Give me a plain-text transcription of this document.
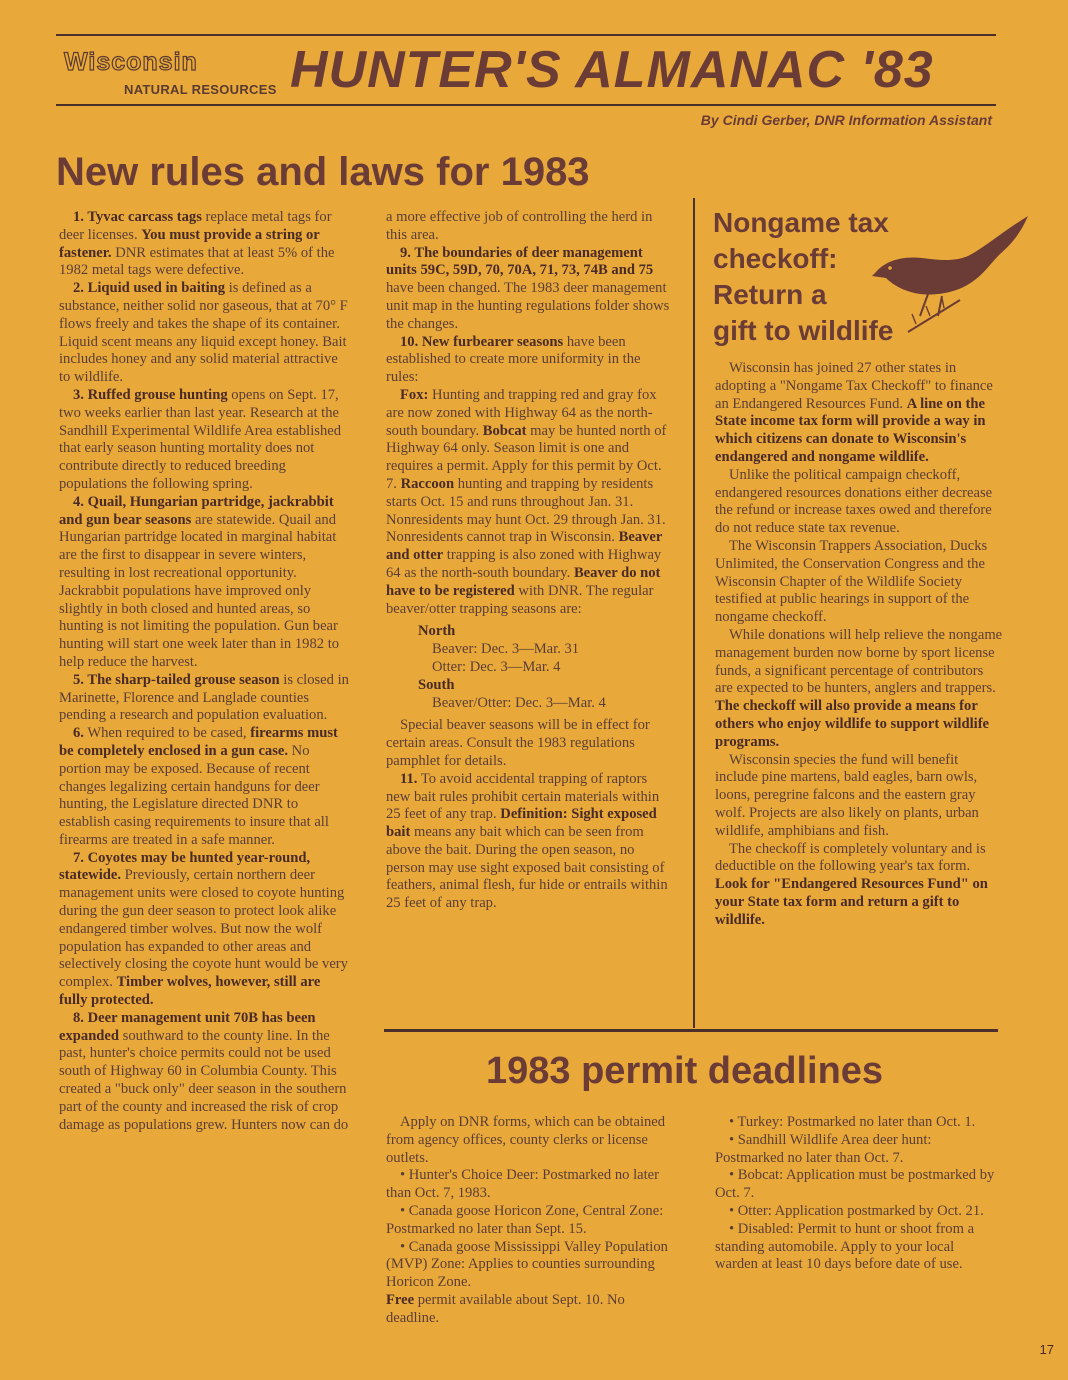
Wisconsin
NATURAL RESOURCES HUNTER'S ALMANAC '83
By Cindi Gerber, DNR Information Assistant
New rules and laws for 1983

1. Tyvac carcass tags replace metal tags for deer licenses. You must provide a string or fastener. DNR estimates that at least 5% of the 1982 metal tags were defective.

2. Liquid used in baiting is defined as a substance, neither solid nor gaseous, that at 70° F flows freely and takes the shape of its container. Liquid scent means any liquid except honey. Bait includes honey and any solid material attractive to wildlife.

3. Ruffed grouse hunting opens on Sept. 17, two weeks earlier than last year. Research at the Sandhill Experimental Wildlife Area established that early season hunting mortality does not contribute directly to reduced breeding populations the following spring.

4. Quail, Hungarian partridge, jackrabbit and gun bear seasons are statewide. Quail and Hungarian partridge located in marginal habitat are the first to disappear in severe winters, resulting in lost recreational opportunity. Jackrabbit populations have improved only slightly in both closed and hunted areas, so hunting is not limiting the population. Gun bear hunting will start one week later than in 1982 to help reduce the harvest.

5. The sharp-tailed grouse season is closed in Marinette, Florence and Langlade counties pending a research and population evaluation.

6. When required to be cased, firearms must be completely enclosed in a gun case. No portion may be exposed. Because of recent changes legalizing certain handguns for deer hunting, the Legislature directed DNR to establish casing requirements to insure that all firearms are treated in a safe manner.

7. Coyotes may be hunted year-round, statewide. Previously, certain northern deer management units were closed to coyote hunting during the gun deer season to protect look alike endangered timber wolves. But now the wolf population has expanded to other areas and selectively closing the coyote hunt would be very complex. Timber wolves, however, still are fully protected.

8. Deer management unit 70B has been expanded southward to the county line. In the past, hunter's choice permits could not be used south of Highway 60 in Columbia County. This created a "buck only" deer season in the southern part of the county and increased the risk of crop damage as populations grew. Hunters now can do

a more effective job of controlling the herd in this area.

9. The boundaries of deer management units 59C, 59D, 70, 70A, 71, 73, 74B and 75 have been changed. The 1983 deer management unit map in the hunting regulations folder shows the changes.

10. New furbearer seasons have been established to create more uniformity in the rules:

Fox: Hunting and trapping red and gray fox are now zoned with Highway 64 as the north-south boundary. Bobcat may be hunted north of Highway 64 only. Season limit is one and requires a permit. Apply for this permit by Oct. 7. Raccoon hunting and trapping by residents starts Oct. 15 and runs throughout Jan. 31. Nonresidents may hunt Oct. 29 through Jan. 31. Nonresidents cannot trap in Wisconsin. Beaver and otter trapping is also zoned with Highway 64 as the north-south boundary. Beaver do not have to be registered with DNR. The regular beaver/otter trapping seasons are:

North

Beaver: Dec. 3—Mar. 31

Otter: Dec. 3—Mar. 4

South

Beaver/Otter: Dec. 3—Mar. 4

Special beaver seasons will be in effect for certain areas. Consult the 1983 regulations pamphlet for details.

11. To avoid accidental trapping of raptors new bait rules prohibit certain materials within 25 feet of any trap. Definition: Sight exposed bait means any bait which can be seen from above the bait. During the open season, no person may use sight exposed bait consisting of feathers, animal flesh, fur hide or entrails within 25 feet of any trap.

Nongame tax
checkoff:
Return a
gift to wildlife

Wisconsin has joined 27 other states in adopting a "Nongame Tax Checkoff" to finance an Endangered Resources Fund. A line on the State income tax form will provide a way in which citizens can donate to Wisconsin's endangered and nongame wildlife.

Unlike the political campaign checkoff, endangered resources donations either decrease the refund or increase taxes owed and therefore do not reduce state tax revenue.

The Wisconsin Trappers Association, Ducks Unlimited, the Conservation Congress and the Wisconsin Chapter of the Wildlife Society testified at public hearings in support of the nongame checkoff.

While donations will help relieve the nongame management burden now borne by sport license funds, a significant percentage of contributors are expected to be hunters, anglers and trappers. The checkoff will also provide a means for others who enjoy wildlife to support wildlife programs.

Wisconsin species the fund will benefit include pine martens, bald eagles, barn owls, loons, peregrine falcons and the eastern gray wolf. Projects are also likely on plants, urban wildlife, amphibians and fish.

The checkoff is completely voluntary and is deductible on the following year's tax form. Look for "Endangered Resources Fund" on your State tax form and return a gift to wildlife.

1983 permit deadlines

Apply on DNR forms, which can be obtained from agency offices, county clerks or license outlets.

• Hunter's Choice Deer: Postmarked no later than Oct. 7, 1983.

• Canada goose Horicon Zone, Central Zone: Postmarked no later than Sept. 15.

• Canada goose Mississippi Valley Population (MVP) Zone: Applies to counties surrounding Horicon Zone.

Free permit available about Sept. 10. No deadline.

• Turkey: Postmarked no later than Oct. 1.

• Sandhill Wildlife Area deer hunt: Postmarked no later than Oct. 7.

• Bobcat: Application must be postmarked by Oct. 7.

• Otter: Application postmarked by Oct. 21.

• Disabled: Permit to hunt or shoot from a standing automobile. Apply to your local warden at least 10 days before date of use.

17
